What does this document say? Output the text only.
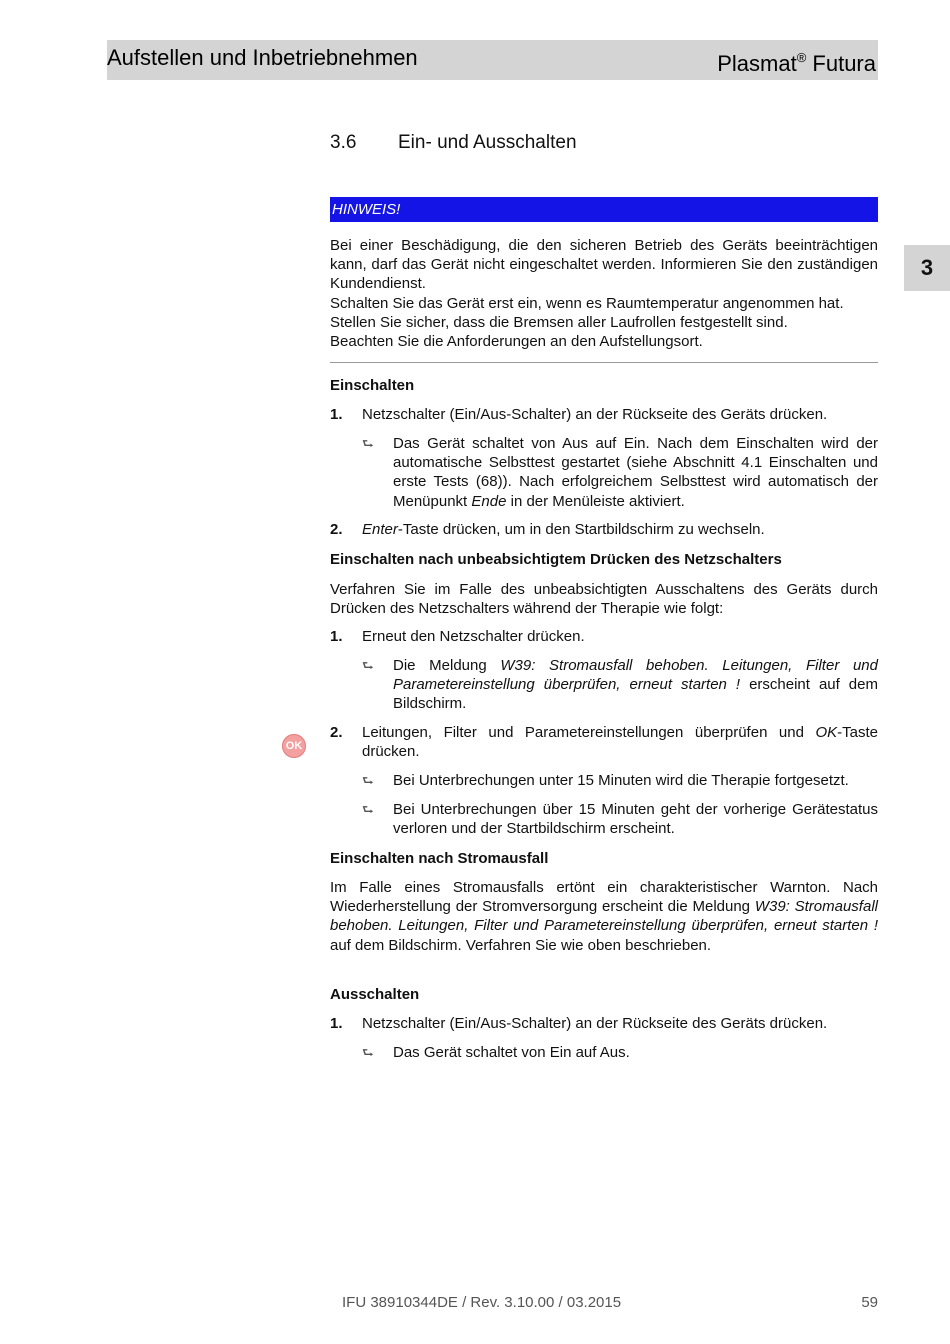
Aufstellen und Inbetriebnehmen	Plasmat® Futura
3
3.6 Ein- und Ausschalten
HINWEIS!

Bei einer Beschädigung, die den sicheren Betrieb des Geräts beeinträchtigen kann, darf das Gerät nicht eingeschaltet werden. Informieren Sie den zuständigen Kundendienst.

Schalten Sie das Gerät erst ein, wenn es Raumtemperatur angenommen hat.

Stellen Sie sicher, dass die Bremsen aller Laufrollen festgestellt sind.

Beachten Sie die Anforderungen an den Aufstellungsort.

Einschalten
1. Netzschalter (Ein/Aus-Schalter) an der Rückseite des Geräts drücken.
⮑ Das Gerät schaltet von Aus auf Ein. Nach dem Einschalten wird der automatische Selbsttest gestartet (siehe Abschnitt 4.1 Einschalten und erste Tests (68)). Nach erfolgreichem Selbsttest wird automatisch der Menüpunkt Ende in der Menüleiste aktiviert.
2. Enter-Taste drücken, um in den Startbildschirm zu wechseln.
Einschalten nach unbeabsichtigtem Drücken des Netzschalters

Verfahren Sie im Falle des unbeabsichtigten Ausschaltens des Geräts durch Drücken des Netzschalters während der Therapie wie folgt:

1. Erneut den Netzschalter drücken.
⮑ Die Meldung W39: Stromausfall behoben. Leitungen, Filter und Parametereinstellung überprüfen, erneut starten ! erscheint auf dem Bildschirm.
OK
2. Leitungen, Filter und Parametereinstellungen überprüfen und OK-Taste drücken.
⮑ Bei Unterbrechungen unter 15 Minuten wird die Therapie fortgesetzt.
⮑ Bei Unterbrechungen über 15 Minuten geht der vorherige Gerätestatus verloren und der Startbildschirm erscheint.
Einschalten nach Stromausfall

Im Falle eines Stromausfalls ertönt ein charakteristischer Warnton. Nach Wiederherstellung der Stromversorgung erscheint die Meldung W39: Stromausfall behoben. Leitungen, Filter und Parametereinstellung überprüfen, erneut starten ! auf dem Bildschirm. Verfahren Sie wie oben beschrieben.

Ausschalten
1. Netzschalter (Ein/Aus-Schalter) an der Rückseite des Geräts drücken.
⮑ Das Gerät schaltet von Ein auf Aus.
IFU 38910344DE / Rev. 3.10.00 / 03.2015	59
